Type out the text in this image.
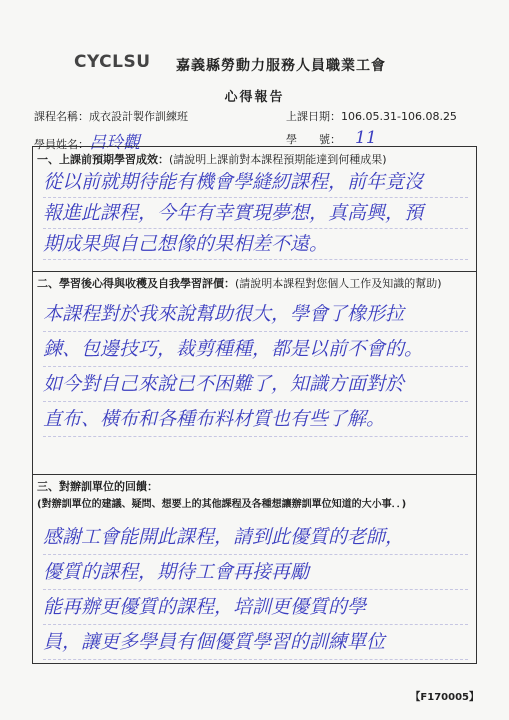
CYCLSU 嘉義縣勞動力服務人員職業工會
心得報告
課程名稱：成衣設計製作訓練班	上課日期：106.05.31-106.08.25
學員姓名：呂玲觀	學　　號： 11
一、上課前預期學習成效：(請說明上課前對本課程預期能達到何種成果)
從以前就期待能有機會學縫紉課程，前年竟沒
報進此課程，今年有幸實現夢想，真高興，預
期成果與自己想像的果相差不遠。
二、學習後心得與收穫及自我學習評價：(請說明本課程對您個人工作及知識的幫助)
本課程對於我來說幫助很大，學會了橡形拉
鍊、包邊技巧，裁剪種種，都是以前不會的。
如今對自己來說已不困難了，知識方面對於
直布、橫布和各種布料材質也有些了解。
三、對辦訓單位的回饋：
(對辦訓單位的建議、疑問、想要上的其他課程及各種想讓辦訓單位知道的大小事．．)
感謝工會能開此課程，請到此優質的老師，
優質的課程，期待工會再接再勵
能再辦更優質的課程，培訓更優質的學
員，讓更多學員有個優質學習的訓練單位
【F170005】
